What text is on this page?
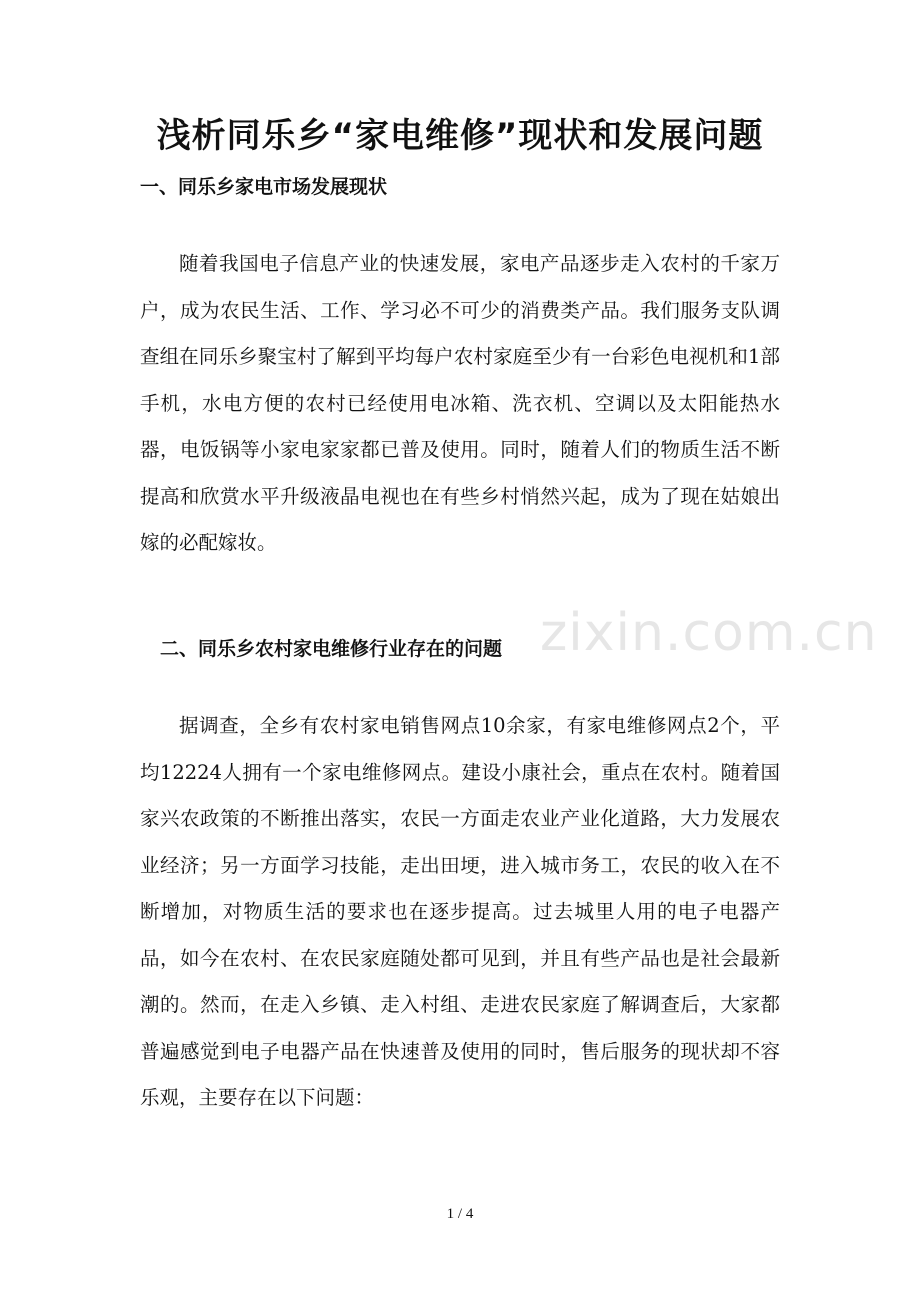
zixin.com.cn
浅析同乐乡“家电维修”现状和发展问题
一、同乐乡家电市场发展现状

随着我国电子信息产业的快速发展，家电产品逐步走入农村的千家万户，成为农民生活、工作、学习必不可少的消费类产品。我们服务支队调查组在同乐乡聚宝村了解到平均每户农村家庭至少有一台彩色电视机和1部手机，水电方便的农村已经使用电冰箱、洗衣机、空调以及太阳能热水器，电饭锅等小家电家家都已普及使用。同时，随着人们的物质生活不断提高和欣赏水平升级液晶电视也在有些乡村悄然兴起，成为了现在姑娘出嫁的必配嫁妆。

二、同乐乡农村家电维修行业存在的问题

据调查，全乡有农村家电销售网点10余家，有家电维修网点2个，平均12224人拥有一个家电维修网点。建设小康社会，重点在农村。随着国家兴农政策的不断推出落实，农民一方面走农业产业化道路，大力发展农业经济；另一方面学习技能，走出田埂，进入城市务工，农民的收入在不断增加，对物质生活的要求也在逐步提高。过去城里人用的电子电器产品，如今在农村、在农民家庭随处都可见到，并且有些产品也是社会最新潮的。然而，在走入乡镇、走入村组、走进农民家庭了解调查后，大家都普遍感觉到电子电器产品在快速普及使用的同时，售后服务的现状却不容乐观，主要存在以下问题：

1 / 4
